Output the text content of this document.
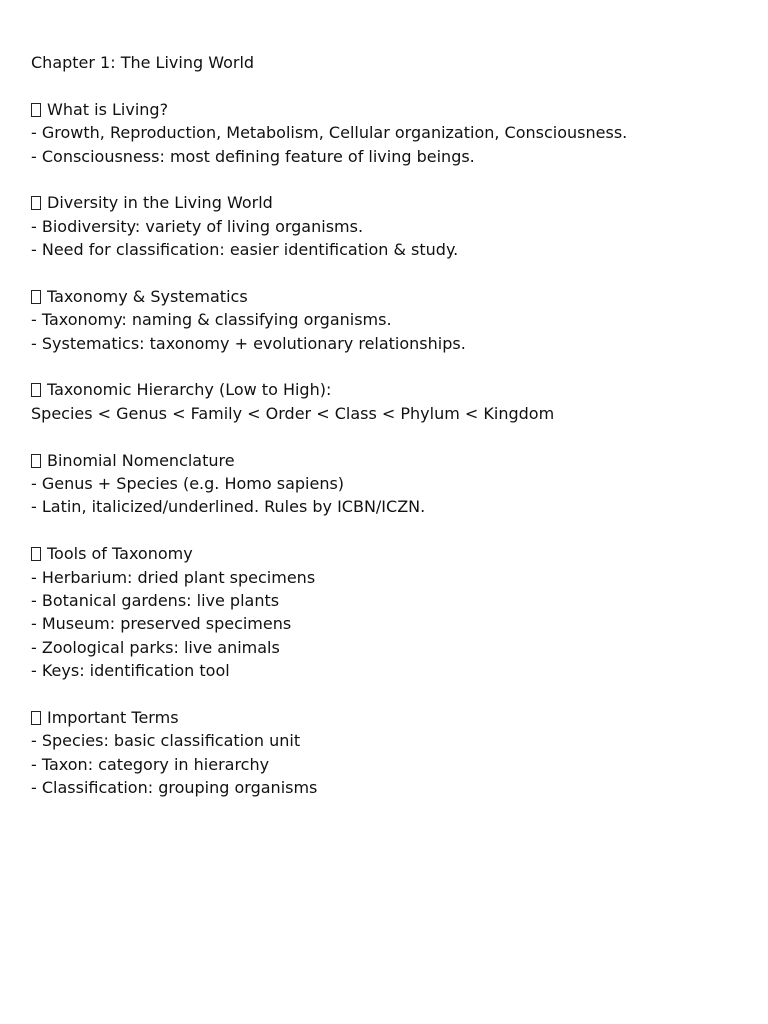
Chapter 1: The Living World
What is Living?
- Growth, Reproduction, Metabolism, Cellular organization, Consciousness.
- Consciousness: most defining feature of living beings.
Diversity in the Living World
- Biodiversity: variety of living organisms.
- Need for classification: easier identification & study.
Taxonomy & Systematics
- Taxonomy: naming & classifying organisms.
- Systematics: taxonomy + evolutionary relationships.
Taxonomic Hierarchy (Low to High):
Species < Genus < Family < Order < Class < Phylum < Kingdom
Binomial Nomenclature
- Genus + Species (e.g. Homo sapiens)
- Latin, italicized/underlined. Rules by ICBN/ICZN.
Tools of Taxonomy
- Herbarium: dried plant specimens
- Botanical gardens: live plants
- Museum: preserved specimens
- Zoological parks: live animals
- Keys: identification tool
Important Terms
- Species: basic classification unit
- Taxon: category in hierarchy
- Classification: grouping organisms
